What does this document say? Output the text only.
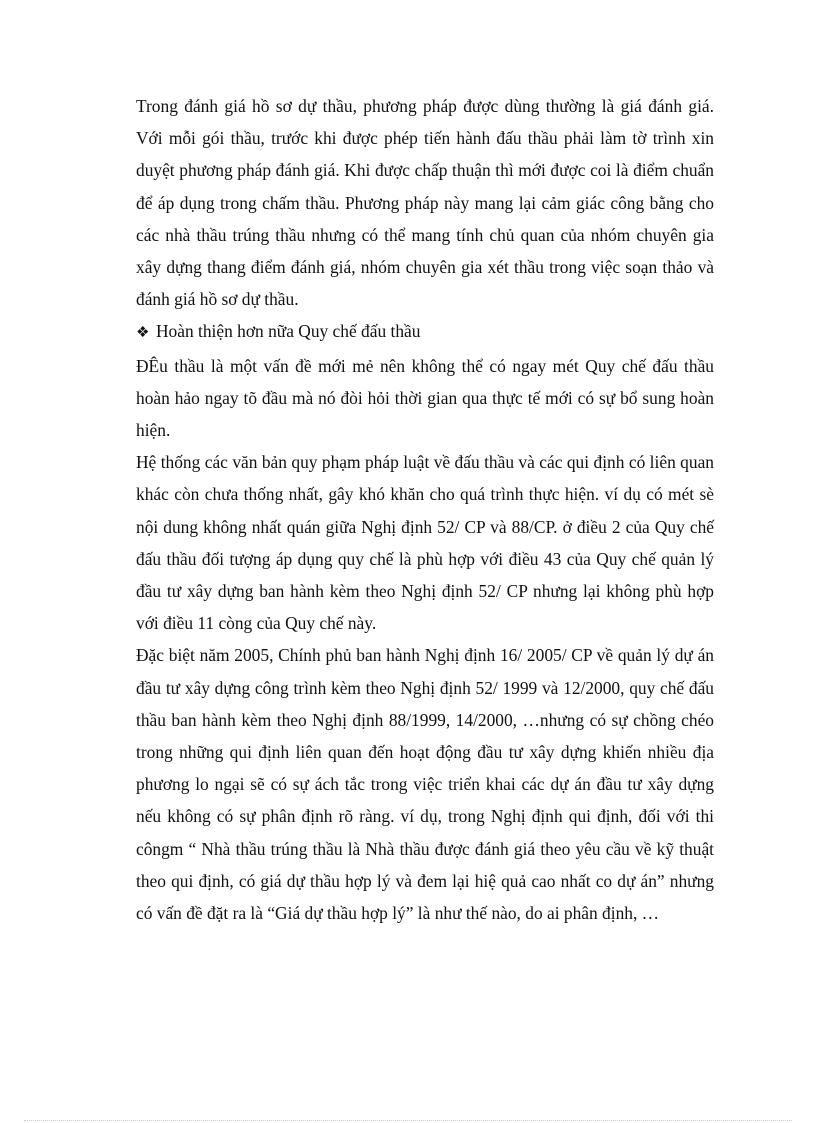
Trong đánh giá hồ sơ dự thầu, phương pháp được dùng thường là giá đánh giá. Với mỗi gói thầu, trước khi được phép tiến hành đấu thầu phải làm tờ trình xin duyệt phương pháp đánh giá. Khi được chấp thuận thì mới được coi là điểm chuẩn để áp dụng trong chấm thầu. Phương pháp này mang lại cảm giác công bằng cho các nhà thầu trúng thầu nhưng có thể mang tính chủ quan của nhóm chuyên gia xây dựng thang điểm đánh giá, nhóm chuyên gia xét thầu trong việc soạn thảo và đánh giá hồ sơ dự thầu.

❖ Hoàn thiện hơn nữa Quy chế đấu thầu

ĐÊu thầu là một vấn đề mới mẻ nên không thể có ngay mét Quy chế đấu thầu hoàn hảo ngay tõ đầu mà nó đòi hỏi thời gian qua thực tế mới có sự bổ sung hoàn hiện.

Hệ thống các văn bản quy phạm pháp luật về đấu thầu và các qui định có liên quan khác còn chưa thống nhất, gây khó khăn cho quá trình thực hiện. ví dụ có mét sè nội dung không nhất quán giữa Nghị định 52/ CP và 88/CP. ở điều 2 của Quy chế đấu thầu đối tượng áp dụng quy chế là phù hợp với điều 43 của Quy chế quản lý đầu tư xây dựng ban hành kèm theo Nghị định 52/ CP nhưng lại không phù hợp với điều 11 còng của Quy chế này.

Đặc biệt năm 2005, Chính phủ ban hành Nghị định 16/ 2005/ CP về quản lý dự án đầu tư xây dựng công trình kèm theo Nghị định 52/ 1999 và 12/2000, quy chế đấu thầu ban hành kèm theo Nghị định 88/1999, 14/2000, …nhưng có sự chồng chéo trong những qui định liên quan đến hoạt động đầu tư xây dựng khiến nhiều địa phương lo ngại sẽ có sự ách tắc trong việc triển khai các dự án đầu tư xây dựng nếu không có sự phân định rõ ràng. ví dụ, trong Nghị định qui định, đối với thi côngm “ Nhà thầu trúng thầu là Nhà thầu được đánh giá theo yêu cầu về kỹ thuật theo qui định, có giá dự thầu hợp lý và đem lại hiệ quả cao nhất co dự án” nhưng có vấn đề đặt ra là “Giá dự thầu hợp lý” là như thế nào, do ai phân định, …
